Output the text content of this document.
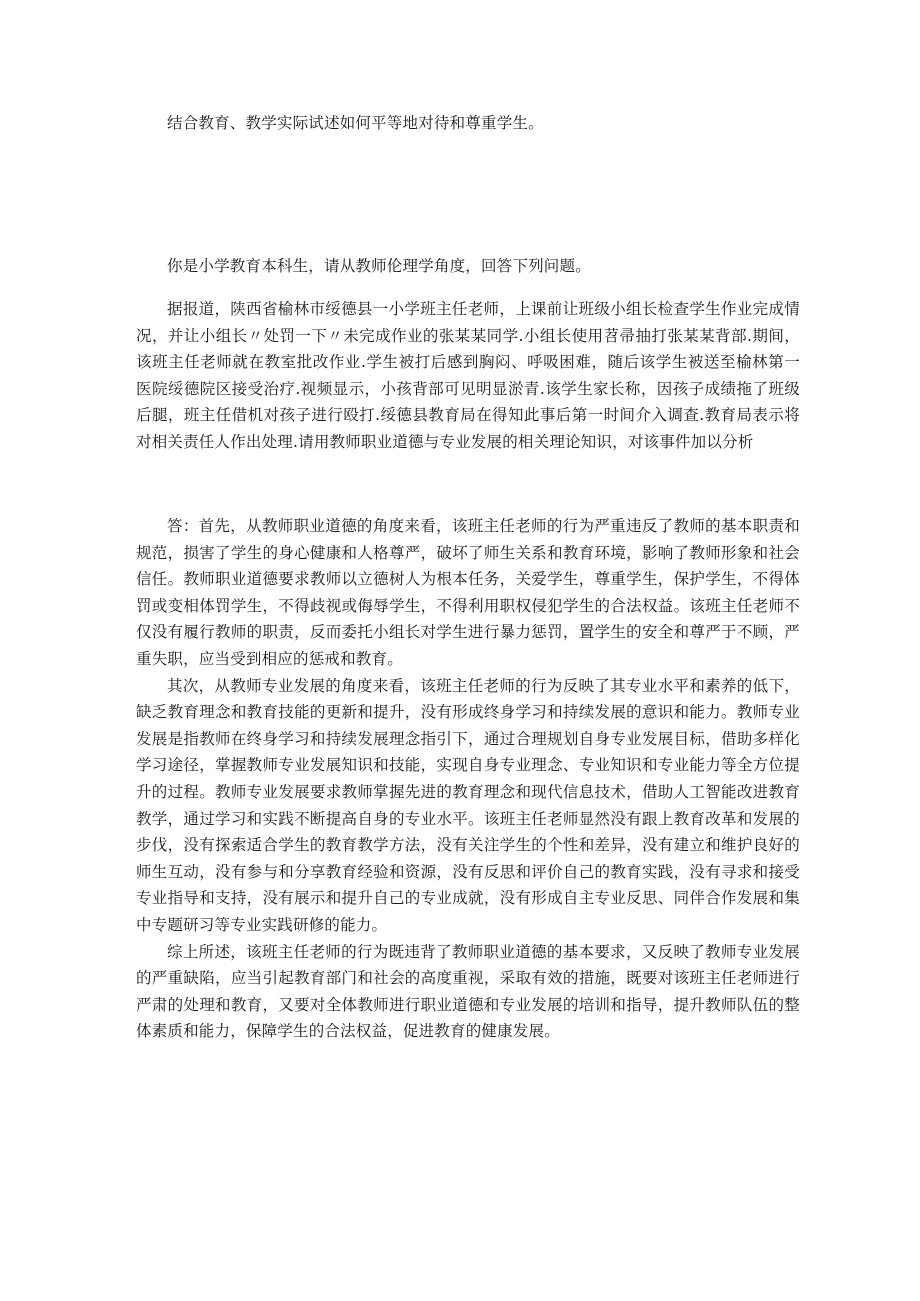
结合教育、教学实际试述如何平等地对待和尊重学生。

你是小学教育本科生，请从教师伦理学角度，回答下列问题。

据报道，陕西省榆林市绥德县一小学班主任老师，上课前让班级小组长检查学生作业完成情况，并让小组长〃处罚一下〃未完成作业的张某某同学.小组长使用苕帚抽打张某某背部.期间，该班主任老师就在教室批改作业.学生被打后感到胸闷、呼吸困难，随后该学生被送至榆林第一医院绥德院区接受治疗.视频显示，小孩背部可见明显淤青.该学生家长称，因孩子成绩拖了班级后腿，班主任借机对孩子进行殴打.绥德县教育局在得知此事后第一时间介入调查.教育局表示将对相关责任人作出处理.请用教师职业道德与专业发展的相关理论知识，对该事件加以分析

答：首先，从教师职业道德的角度来看，该班主任老师的行为严重违反了教师的基本职责和规范，损害了学生的身心健康和人格尊严，破坏了师生关系和教育环境，影响了教师形象和社会信任。教师职业道德要求教师以立德树人为根本任务，关爱学生，尊重学生，保护学生，不得体罚或变相体罚学生，不得歧视或侮辱学生，不得利用职权侵犯学生的合法权益。该班主任老师不仅没有履行教师的职责，反而委托小组长对学生进行暴力惩罚，置学生的安全和尊严于不顾，严重失职，应当受到相应的惩戒和教育。

其次，从教师专业发展的角度来看，该班主任老师的行为反映了其专业水平和素养的低下，缺乏教育理念和教育技能的更新和提升，没有形成终身学习和持续发展的意识和能力。教师专业发展是指教师在终身学习和持续发展理念指引下，通过合理规划自身专业发展目标，借助多样化学习途径，掌握教师专业发展知识和技能，实现自身专业理念、专业知识和专业能力等全方位提升的过程。教师专业发展要求教师掌握先进的教育理念和现代信息技术，借助人工智能改进教育教学，通过学习和实践不断提高自身的专业水平。该班主任老师显然没有跟上教育改革和发展的步伐，没有探索适合学生的教育教学方法，没有关注学生的个性和差异，没有建立和维护良好的师生互动，没有参与和分享教育经验和资源，没有反思和评价自己的教育实践，没有寻求和接受专业指导和支持，没有展示和提升自己的专业成就，没有形成自主专业反思、同伴合作发展和集中专题研习等专业实践研修的能力。

综上所述，该班主任老师的行为既违背了教师职业道德的基本要求，又反映了教师专业发展的严重缺陷，应当引起教育部门和社会的高度重视，采取有效的措施，既要对该班主任老师进行严肃的处理和教育，又要对全体教师进行职业道德和专业发展的培训和指导，提升教师队伍的整体素质和能力，保障学生的合法权益，促进教育的健康发展。
